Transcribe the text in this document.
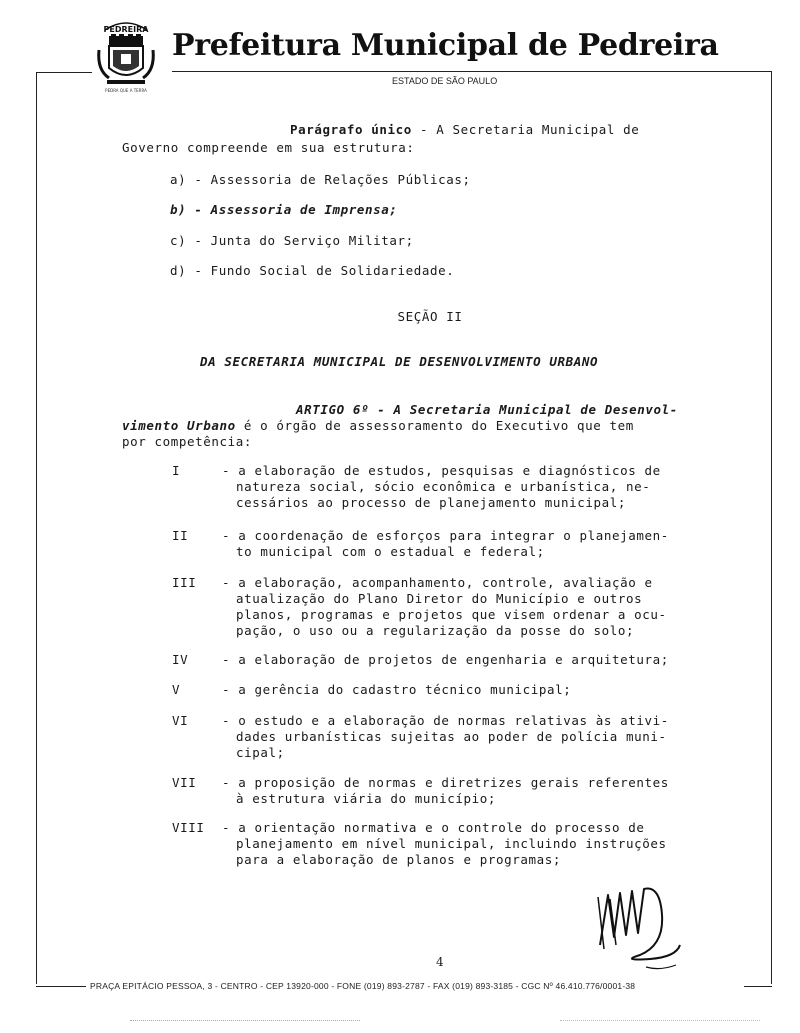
PEDREIRA
PEDRA QUE A TERRA
Prefeitura Municipal de Pedreira
ESTADO DE SÃO PAULO
Parágrafo único - A Secretaria Municipal de
Governo compreende em sua estrutura:
a) - Assessoria de Relações Públicas;
b) - Assessoria de Imprensa;
c) - Junta do Serviço Militar;
d) - Fundo Social de Solidariedade.
SEÇÃO II
DA SECRETARIA MUNICIPAL DE DESENVOLVIMENTO URBANO
ARTIGO 6º - A Secretaria Municipal de Desenvol-
vimento Urbano é o órgão de assessoramento do Executivo que tem
por competência:
I	- a elaboração de estudos, pesquisas e diagnósticos de
natureza social, sócio econômica e urbanística, ne-
cessários ao processo de planejamento municipal;
II	- a coordenação de esforços para integrar o planejamen-
to municipal com o estadual e federal;
III - a elaboração, acompanhamento, controle, avaliação e
atualização do Plano Diretor do Município e outros
planos, programas e projetos que visem ordenar a ocu-
pação, o uso ou a regularização da posse do solo;
IV	- a elaboração de projetos de engenharia e arquitetura;
V	- a gerência do cadastro técnico municipal;
VI	- o estudo e a elaboração de normas relativas às ativi-
dades urbanísticas sujeitas ao poder de polícia muni-
cipal;
VII - a proposição de normas e diretrizes gerais referentes
à estrutura viária do município;
VIII - a orientação normativa e o controle do processo de
planejamento em nível municipal, incluindo instruções
para a elaboração de planos e programas;
4
PRAÇA EPITÁCIO PESSOA, 3 - CENTRO - CEP 13920-000 - FONE (019) 893-2787 - FAX (019) 893-3185 - CGC Nº 46.410.776/0001-38
